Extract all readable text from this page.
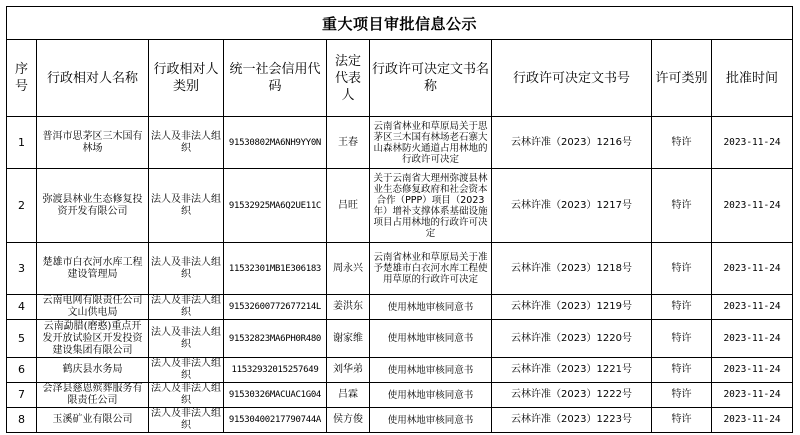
重大项目审批信息公示								
序号	行政相对人名称	行政相对人类别	统一社会信用代码	法定代表人	行政许可决定文书名称	行政许可决定文书号	许可类别	批准时间
1	普洱市思茅区三木国有林场	法人及非法人组织	91530802MA6NH9YY0N	王春	云南省林业和草原局关于思茅区三木国有林场老石寨大山森林防火通道占用林地的行政许可决定	云林许准（2023）1216号	特许	2023-11-24
2	弥渡县林业生态修复投资开发有限公司	法人及非法人组织	91532925MA6Q2UE11C	吕旺	关于云南省大理州弥渡县林业生态修复政府和社会资本合作（PPP）项目（2023年）增补支撑体系基础设施项目占用林地的行政许可决定	云林许准（2023）1217号	特许	2023-11-24
3	楚雄市白衣河水库工程建设管理局	法人及非法人组织	11532301MB1E306183	周永兴	云南省林业和草原局关于准予楚雄市白衣河水库工程使用草原的行政许可决定	云林许准（2023）1218号	特许	2023-11-24
4	云南电网有限责任公司文山供电局	法人及非法人组织	91532600772677214L	姜洪东	使用林地审核同意书	云林许准（2023）1219号	特许	2023-11-24
5	云南勐腊(磨憨)重点开发开放试验区开发投资建设集团有限公司	法人及非法人组织	91532823MA6PH0R480	谢家维	使用林地审核同意书	云林许准（2023）1220号	特许	2023-11-24
6	鹤庆县水务局	法人及非法人组织	11532932015257649	刘华弟	使用林地审核同意书	云林许准（2023）1221号	特许	2023-11-24
7	会泽县慈恩殡葬服务有限责任公司	法人及非法人组织	91530326MACUAC1G04	吕霖	使用林地审核同意书	云林许准（2023）1222号	特许	2023-11-24
8	玉溪矿业有限公司	法人及非法人组织	91530400217790744A	侯方俊	使用林地审核同意书	云林许准（2023）1223号	特许	2023-11-24
